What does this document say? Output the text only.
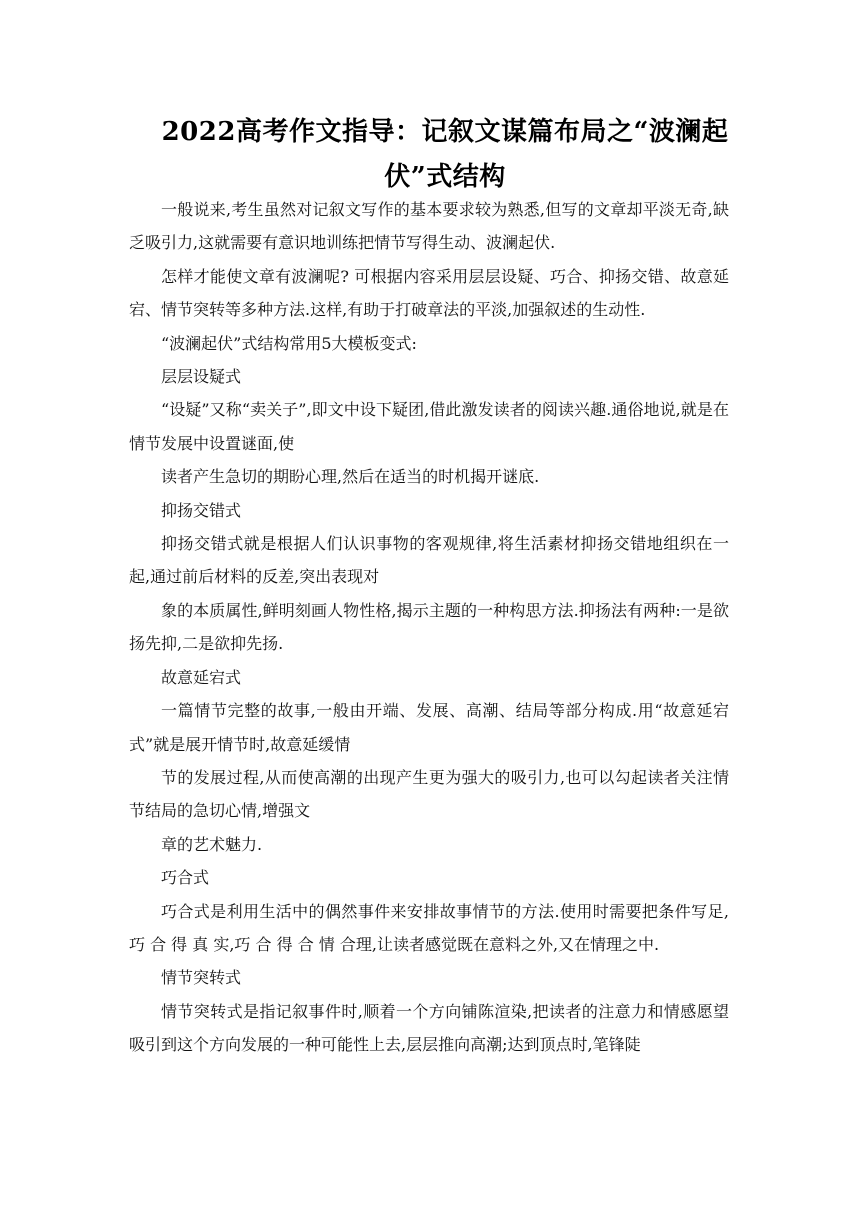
2022高考作文指导：记叙文谋篇布局之“波澜起伏”式结构

一般说来,考生虽然对记叙文写作的基本要求较为熟悉,但写的文章却平淡无奇,缺乏吸引力,这就需要有意识地训练把情节写得生动、波澜起伏.

怎样才能使文章有波澜呢? 可根据内容采用层层设疑、巧合、抑扬交错、故意延宕、情节突转等多种方法.这样,有助于打破章法的平淡,加强叙述的生动性.

“波澜起伏”式结构常用5大模板变式:

层层设疑式

“设疑”又称“卖关子”,即文中设下疑团,借此激发读者的阅读兴趣.通俗地说,就是在情节发展中设置谜面,使

读者产生急切的期盼心理,然后在适当的时机揭开谜底.

抑扬交错式

抑扬交错式就是根据人们认识事物的客观规律,将生活素材抑扬交错地组织在一起,通过前后材料的反差,突出表现对

象的本质属性,鲜明刻画人物性格,揭示主题的一种构思方法.抑扬法有两种:一是欲扬先抑,二是欲抑先扬.

故意延宕式

一篇情节完整的故事,一般由开端、发展、高潮、结局等部分构成.用“故意延宕式”就是展开情节时,故意延缓情

节的发展过程,从而使高潮的出现产生更为强大的吸引力,也可以勾起读者关注情节结局的急切心情,增强文

章的艺术魅力.

巧合式

巧合式是利用生活中的偶然事件来安排故事情节的方法.使用时需要把条件写足,巧 合 得 真 实,巧 合 得 合 情 合理,让读者感觉既在意料之外,又在情理之中.

情节突转式

情节突转式是指记叙事件时,顺着一个方向铺陈渲染,把读者的注意力和情感愿望吸引到这个方向发展的一种可能性上去,层层推向高潮;达到顶点时,笔锋陡
